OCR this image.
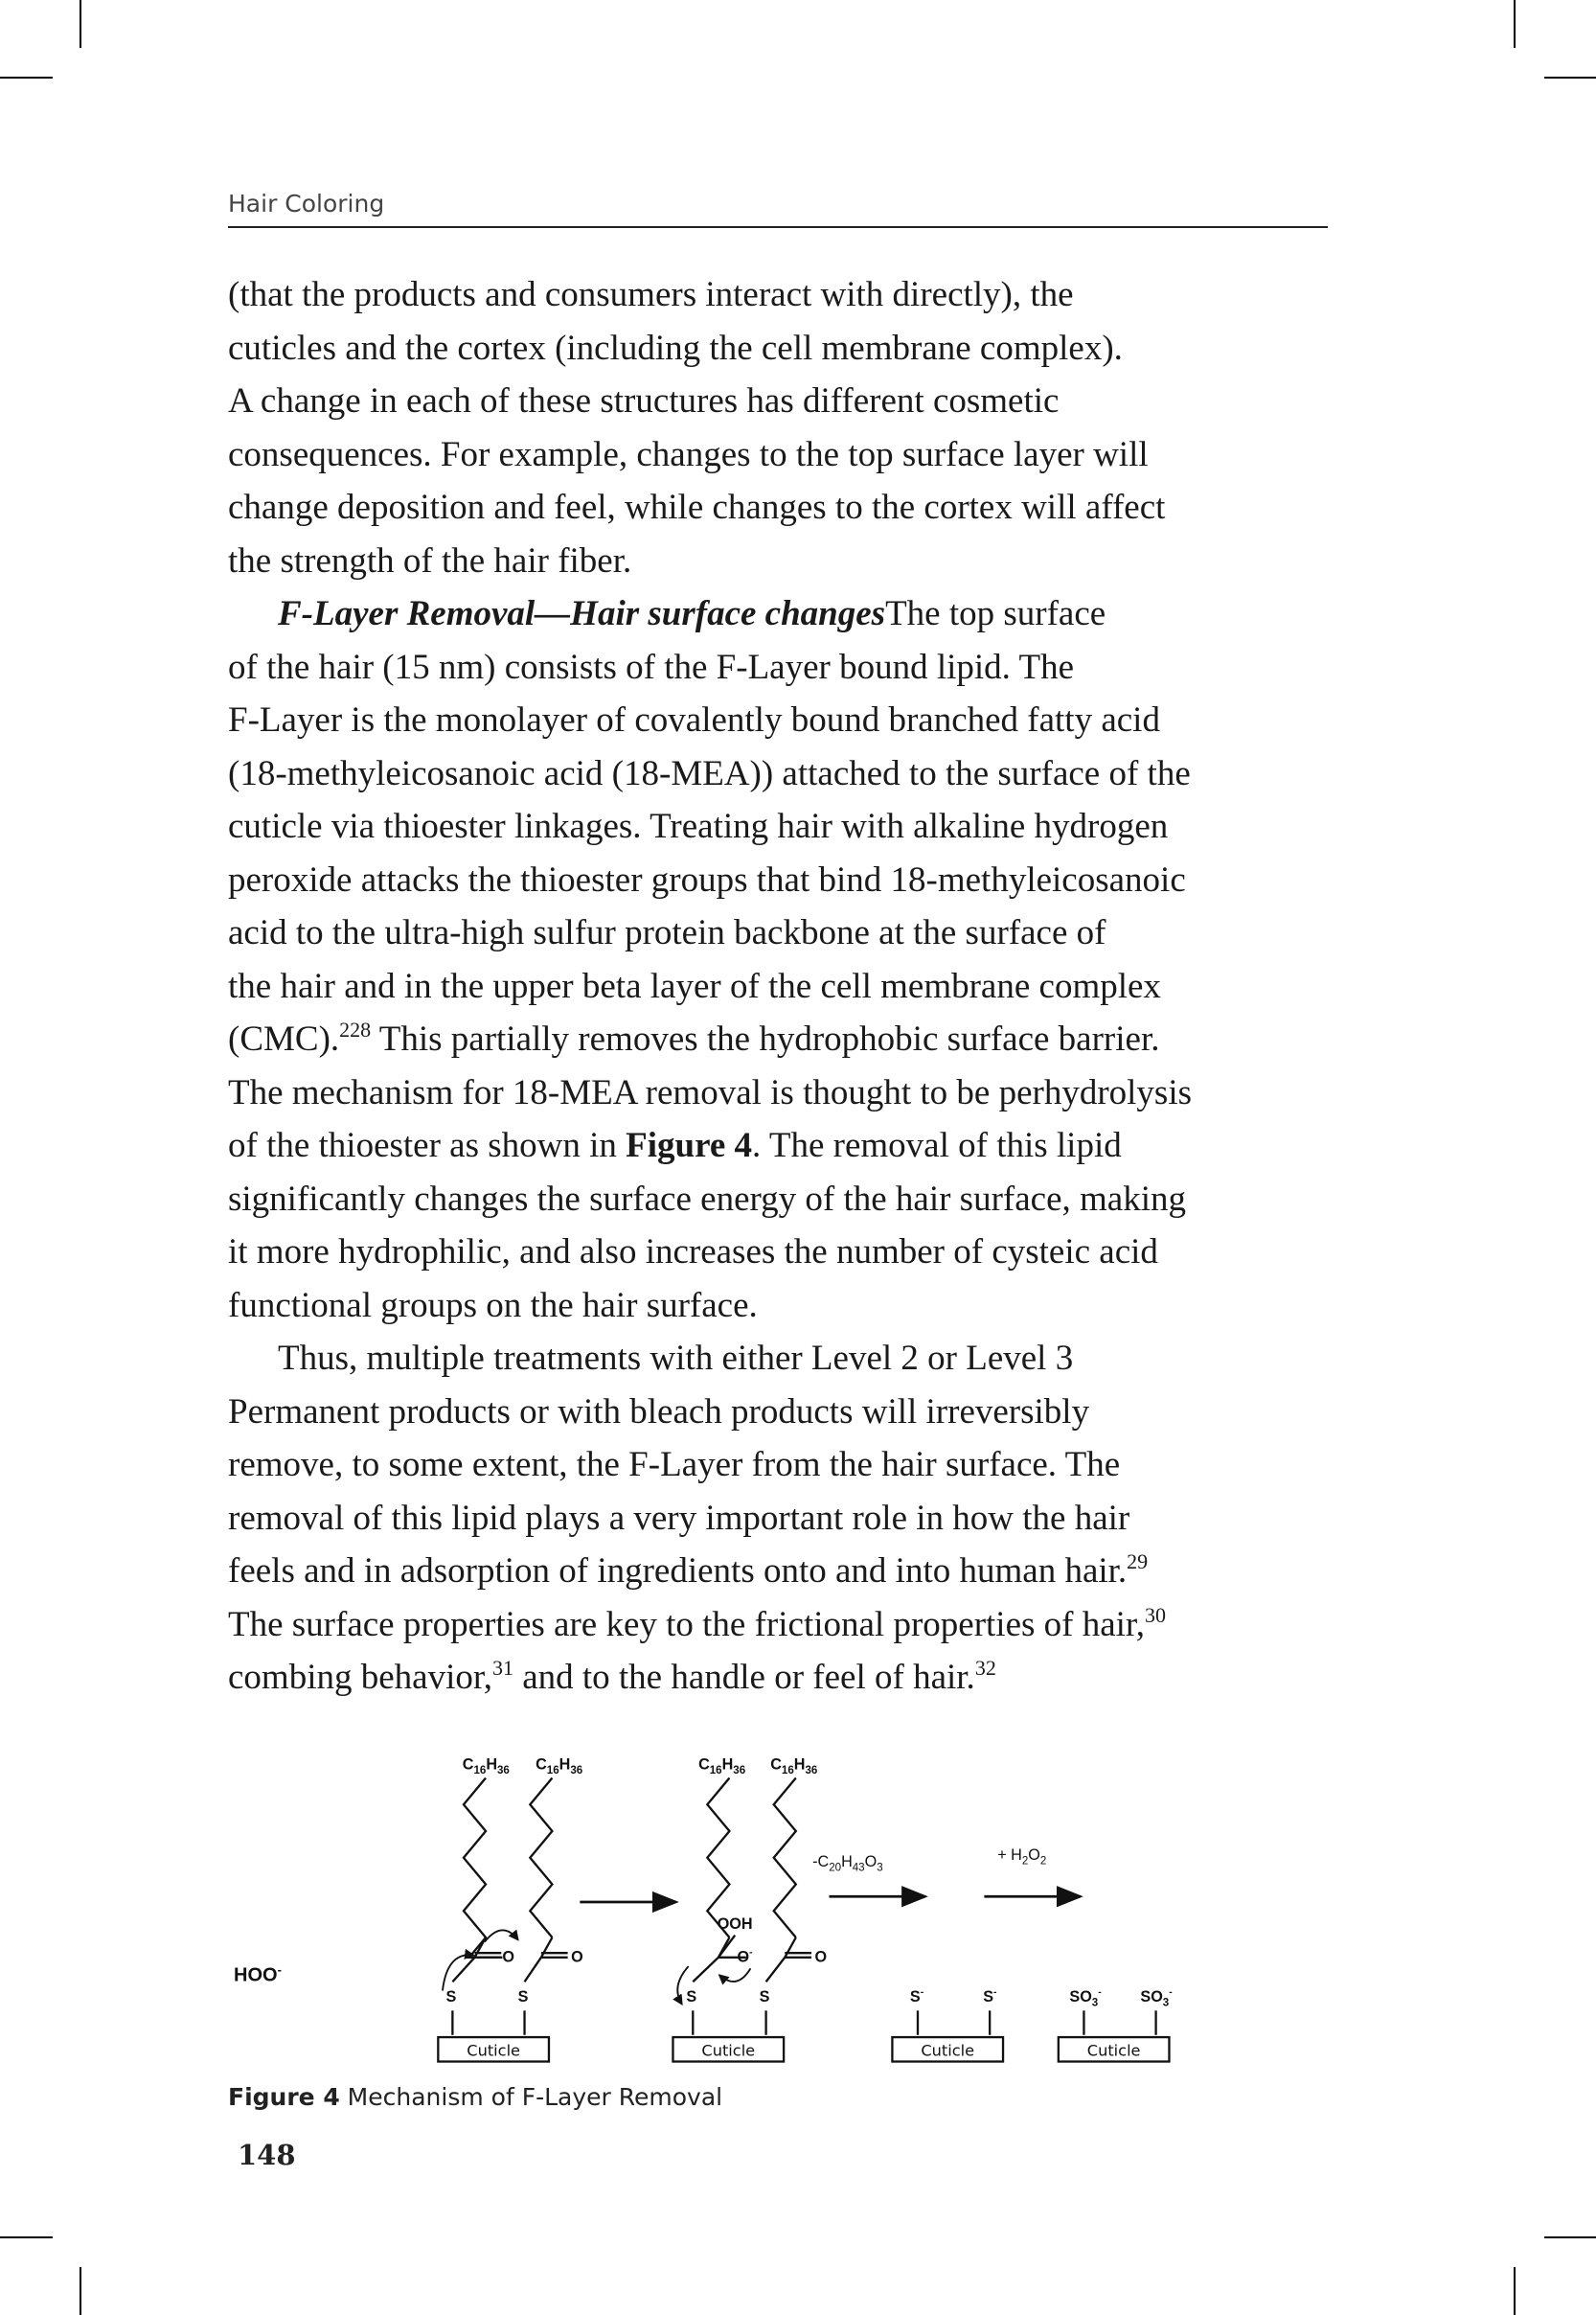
Hair Coloring
(that the products and consumers interact with directly), the
cuticles and the cortex (including the cell membrane complex).
A change in each of these structures has different cosmetic
consequences. For example, changes to the top surface layer will
change deposition and feel, while changes to the cortex will affect
the strength of the hair fiber.
F-Layer Removal—Hair surface changesThe top surface
of the hair (15 nm) consists of the F-Layer bound lipid. The
F-Layer is the monolayer of covalently bound branched fatty acid
(18-methyleicosanoic acid (18-MEA)) attached to the surface of the
cuticle via thioester linkages. Treating hair with alkaline hydrogen
peroxide attacks the thioester groups that bind 18-methyleicosanoic
acid to the ultra-high sulfur protein backbone at the surface of
the hair and in the upper beta layer of the cell membrane complex
(CMC).$^{228}$ This partially removes the hydrophobic surface barrier.
The mechanism for 18-MEA removal is thought to be perhydrolysis
of the thioester as shown in Figure 4. The removal of this lipid
significantly changes the surface energy of the hair surface, making
it more hydrophilic, and also increases the number of cysteic acid
functional groups on the hair surface.
Thus, multiple treatments with either Level 2 or Level 3
Permanent products or with bleach products will irreversibly
remove, to some extent, the F-Layer from the hair surface. The
removal of this lipid plays a very important role in how the hair
feels and in adsorption of ingredients onto and into human hair.$^{29}$
The surface properties are key to the frictional properties of hair,$^{30}$
combing behavior,$^{31}$ and to the handle or feel of hair.$^{32}$
$C_{16}H_{36}$ $C_{16}H_{36}$	$C_{16}H_{36}$ $C_{16}H_{36}$
O	O
S	S
OOH
O-	O
S	S
$-C_{20}H_{43}O_3$
+ $H_2O_2$
S-	S-	$SO_3^-$	$SO_3^-$
Cuticle	Cuticle	Cuticle	Cuticle
HOO-
Figure 4 Mechanism of F-Layer Removal
148
